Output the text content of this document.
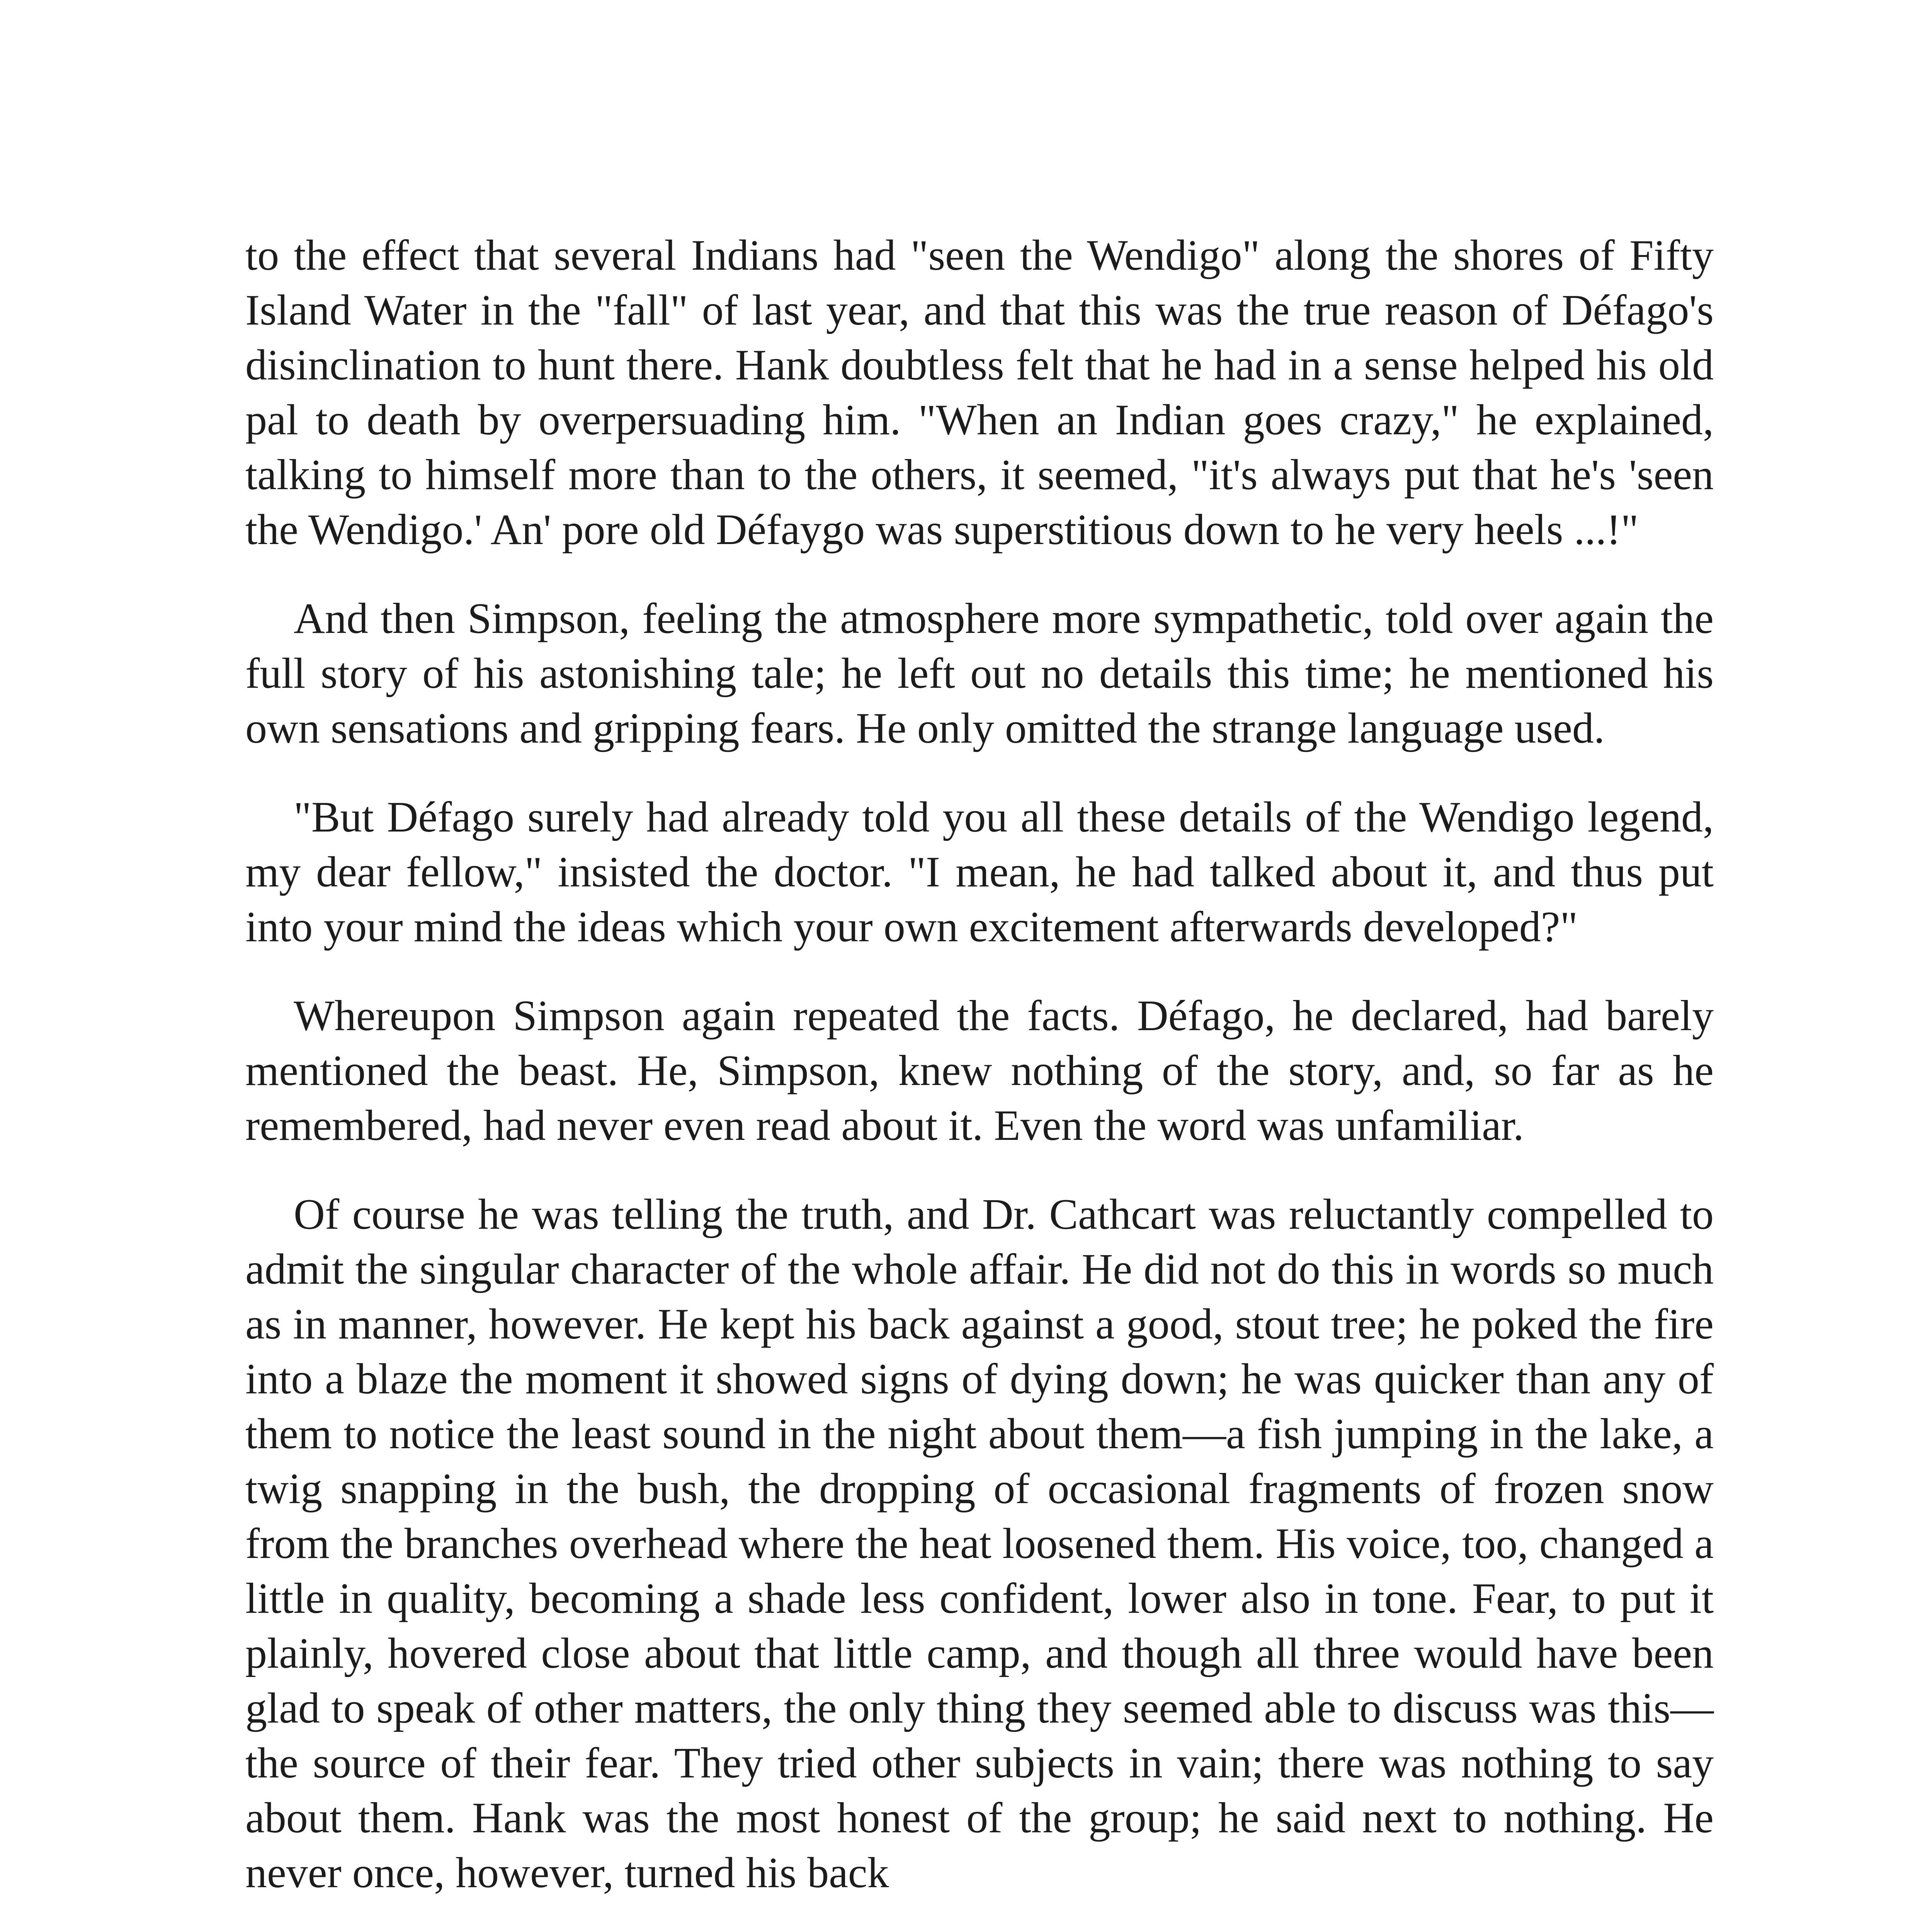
to the effect that several Indians had "seen the Wendigo" along the shores of Fifty Island Water in the "fall" of last year, and that this was the true reason of Défago's disinclination to hunt there. Hank doubtless felt that he had in a sense helped his old pal to death by overpersuading him. "When an Indian goes crazy," he explained, talking to himself more than to the others, it seemed, "it's always put that he's 'seen the Wendigo.' An' pore old Défaygo was superstitious down to he very heels ...!"

And then Simpson, feeling the atmosphere more sympathetic, told over again the full story of his astonishing tale; he left out no details this time; he mentioned his own sensations and gripping fears. He only omitted the strange language used.

"But Défago surely had already told you all these details of the Wendigo legend, my dear fellow," insisted the doctor. "I mean, he had talked about it, and thus put into your mind the ideas which your own excitement afterwards developed?"

Whereupon Simpson again repeated the facts. Défago, he declared, had barely mentioned the beast. He, Simpson, knew nothing of the story, and, so far as he remembered, had never even read about it. Even the word was unfamiliar.

Of course he was telling the truth, and Dr. Cathcart was reluctantly compelled to admit the singular character of the whole affair. He did not do this in words so much as in manner, however. He kept his back against a good, stout tree; he poked the fire into a blaze the moment it showed signs of dying down; he was quicker than any of them to notice the least sound in the night about them—a fish jumping in the lake, a twig snapping in the bush, the dropping of occasional fragments of frozen snow from the branches overhead where the heat loosened them. His voice, too, changed a little in quality, becoming a shade less confident, lower also in tone. Fear, to put it plainly, hovered close about that little camp, and though all three would have been glad to speak of other matters, the only thing they seemed able to discuss was this—the source of their fear. They tried other subjects in vain; there was nothing to say about them. Hank was the most honest of the group; he said next to nothing. He never once, however, turned his back
